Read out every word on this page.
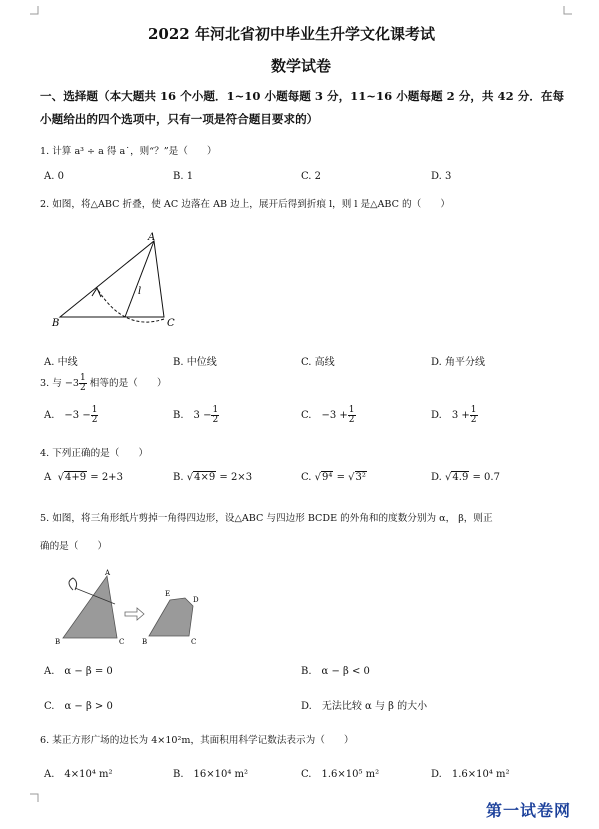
2022 年河北省初中毕业生升学文化课考试
数学试卷
一、选择题（本大题共 16 个小题．1~10 小题每题 3 分，11~16 小题每题 2 分，共 42 分．在每
小题给出的四个选项中，只有一项是符合题目要求的）
1. 计算 a³ ÷ a 得 a˙，则“？”是（　　）
A. 0	B. 1	C. 2	D. 3
2. 如图，将△ABC 折叠，使 AC 边落在 AB 边上，展开后得到折痕 l，则 l 是△ABC 的（　　）
A
B	C
l
A. 中线	B. 中位线	C. 高线	D. 角平分线
3. 与 $-3 \frac{1}{2}$ 相等的是（　　）
A.　$-3 - \frac{1}{2}$	B.　$3 - \frac{1}{2}$	C.　$-3 + \frac{1}{2}$	D.　$3 + \frac{1}{2}$
4. 下列正确的是（　　）
A  √4+9 = 2+3	B. √4×9 = 2×3	C. √9⁴ = √3²	D. √4.9 = 0.7
5. 如图，将三角形纸片剪掉一角得四边形，设△ABC 与四边形 BCDE 的外角和的度数分别为 α， β，则正
确的是（　　）
A
B	C
E
D
B	C
A.　α − β = 0	B.　α − β < 0
C.　α − β > 0	D.　无法比较 α 与 β 的大小
6. 某正方形广场的边长为 4×10²m，其面积用科学记数法表示为（　　）
A.　4×10⁴ m²	B.　16×10⁴ m²	C.　1.6×10⁵ m²	D.　1.6×10⁴ m²
第一试卷网
